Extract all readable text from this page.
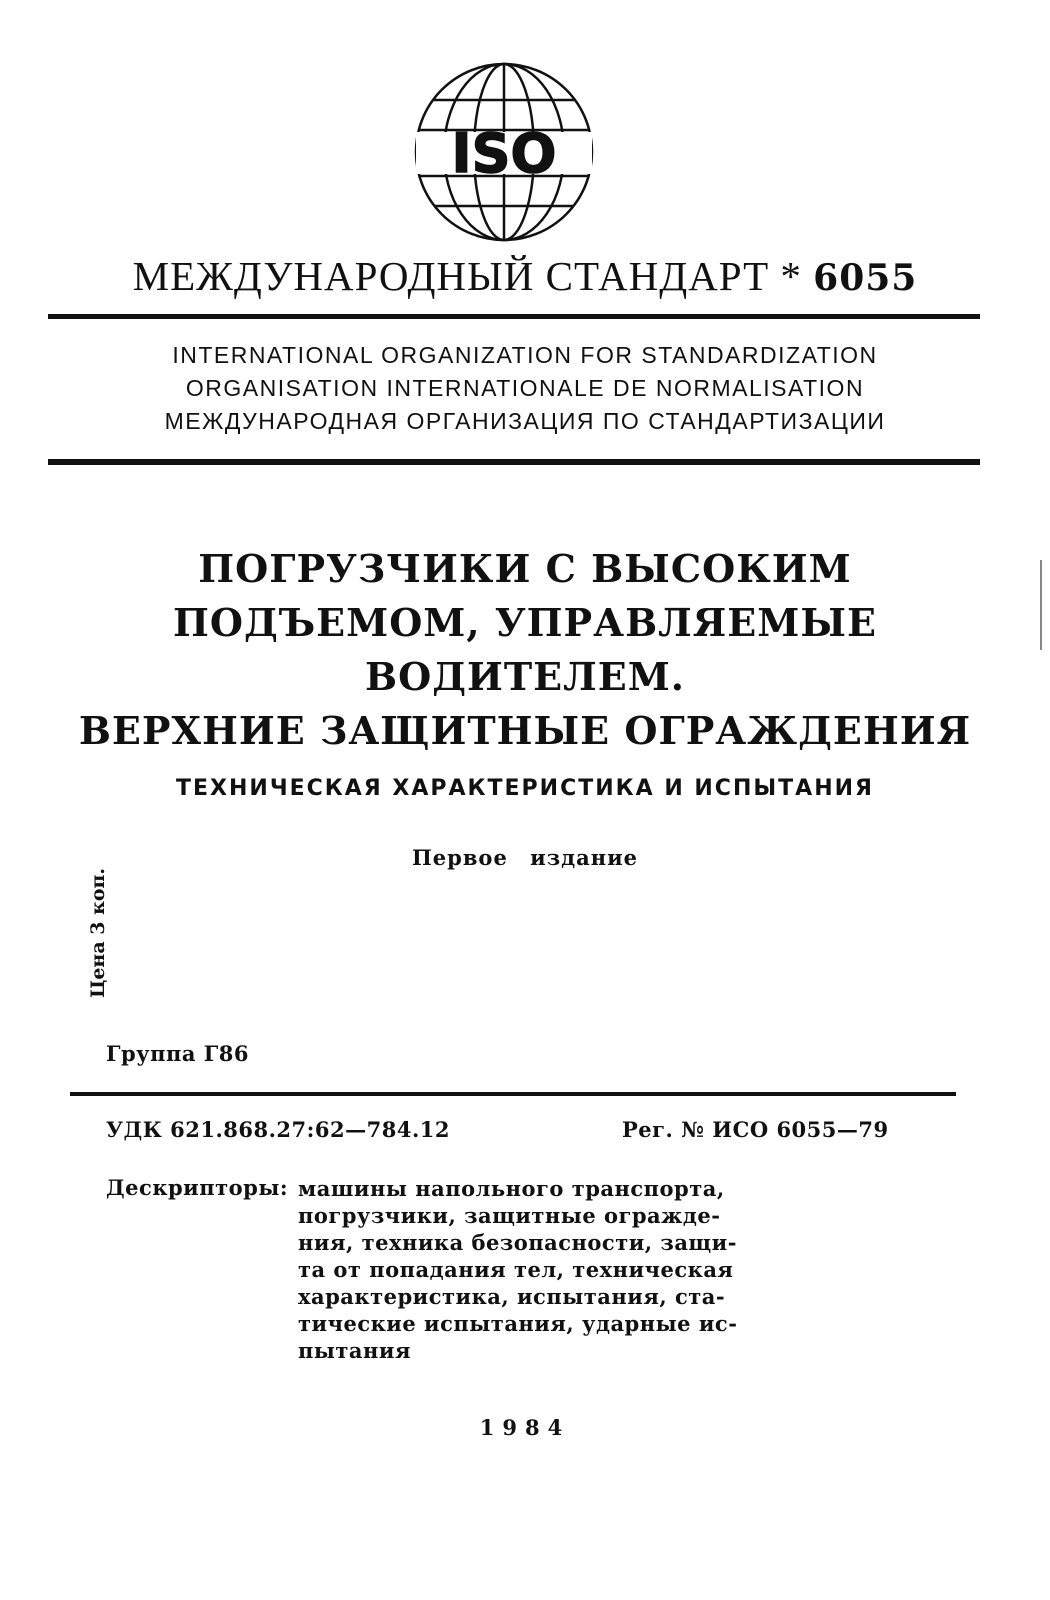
ISO
МЕЖДУНАРОДНЫЙ СТАНДАРТ * 6055
INTERNATIONAL ORGANIZATION FOR STANDARDIZATION
ORGANISATION INTERNATIONALE DE NORMALISATION
МЕЖДУНАРОДНАЯ ОРГАНИЗАЦИЯ ПО СТАНДАРТИЗАЦИИ
ПОГРУЗЧИКИ С ВЫСОКИМ
ПОДЪЕМОМ, УПРАВЛЯЕМЫЕ
ВОДИТЕЛЕМ.
ВЕРХНИЕ ЗАЩИТНЫЕ ОГРАЖДЕНИЯ
ТЕХНИЧЕСКАЯ ХАРАКТЕРИСТИКА И ИСПЫТАНИЯ
Первое издание
Цена 3 коп.
Группа Г86
УДК 621.868.27:62—784.12	Рег. № ИСО 6055—79
Дескрипторы: машины напольного транспорта,
погрузчики, защитные огражде-
ния, техника безопасности, защи-
та от попадания тел, техническая
характеристика, испытания, ста-
тические испытания, ударные ис-
пытания
1984
